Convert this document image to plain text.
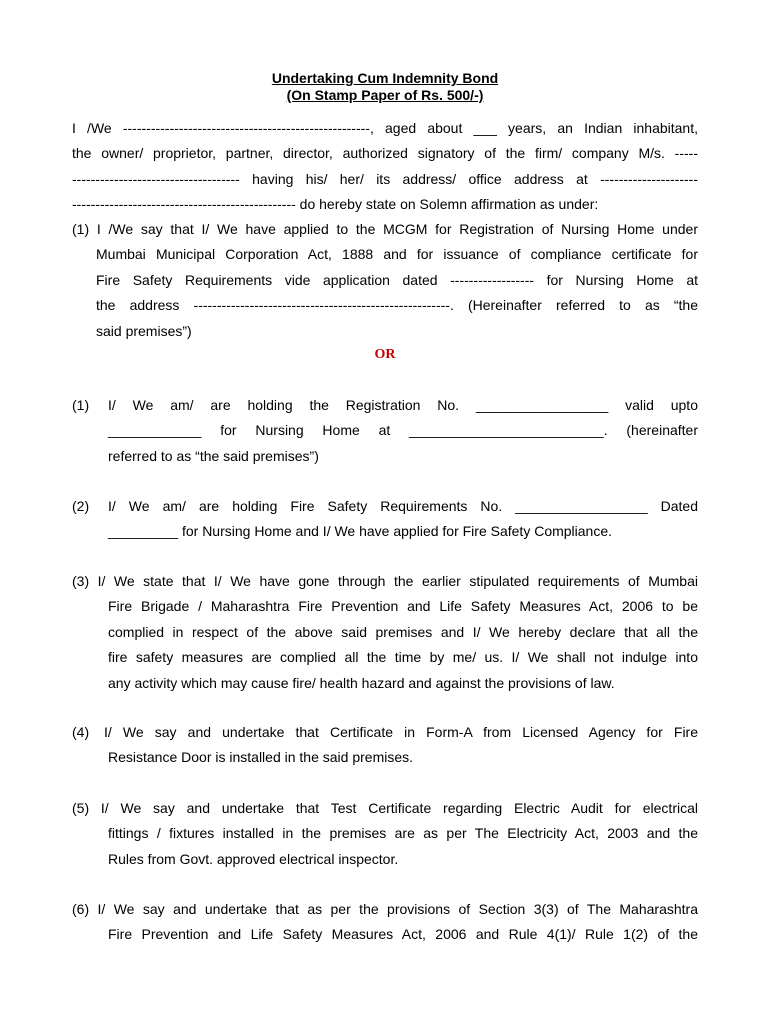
Undertaking Cum Indemnity Bond
(On Stamp Paper of Rs. 500/-)
I /We -----------------------------------------------------, aged about ___ years, an Indian inhabitant,
the owner/ proprietor, partner, director, authorized signatory of the firm/ company M/s. -----
------------------------------------ having his/ her/ its address/ office address at ---------------------
------------------------------------------------ do hereby state on Solemn affirmation as under:
(1) I /We say that I/ We have applied to the MCGM for Registration of Nursing Home under
Mumbai Municipal Corporation Act, 1888 and for issuance of compliance certificate for
Fire Safety Requirements vide application dated ------------------ for Nursing Home at
the address -------------------------------------------------------. (Hereinafter referred to as “the
said premises”)
OR
(1) I/ We am/ are holding the Registration No. _________________ valid upto
____________ for Nursing Home at _________________________. (hereinafter
referred to as “the said premises”)
(2) I/ We am/ are holding Fire Safety Requirements No. _________________ Dated
_________ for Nursing Home and I/ We have applied for Fire Safety Compliance.
(3) I/ We state that I/ We have gone through the earlier stipulated requirements of Mumbai
Fire Brigade / Maharashtra Fire Prevention and Life Safety Measures Act, 2006 to be
complied in respect of the above said premises and I/ We hereby declare that all the
fire safety measures are complied all the time by me/ us. I/ We shall not indulge into
any activity which may cause fire/ health hazard and against the provisions of law.
(4) I/ We say and undertake that Certificate in Form-A from Licensed Agency for Fire
Resistance Door is installed in the said premises.
(5) I/ We say and undertake that Test Certificate regarding Electric Audit for electrical
fittings / fixtures installed in the premises are as per The Electricity Act, 2003 and the
Rules from Govt. approved electrical inspector.
(6) I/ We say and undertake that as per the provisions of Section 3(3) of The Maharashtra
Fire Prevention and Life Safety Measures Act, 2006 and Rule 4(1)/ Rule 1(2) of the
